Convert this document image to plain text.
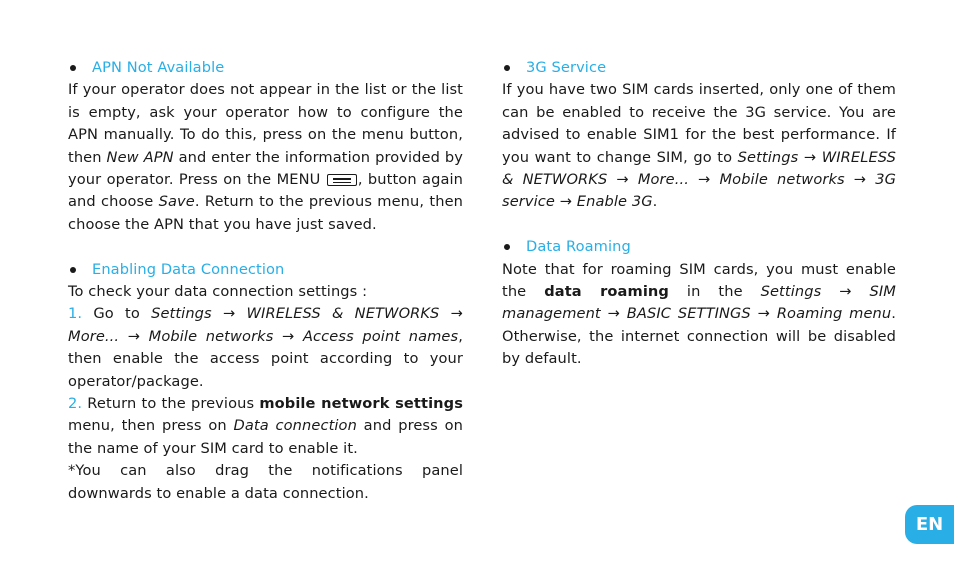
APN Not Available
If your operator does not appear in the list or the list is empty, ask your operator how to configure the APN manually. To do this, press on the menu button, then New APN and enter the information provided by your operator. Press on the MENU , button again and choose Save. Return to the previous menu, then choose the APN that you have just saved.
Enabling Data Connection

To check your data connection settings :

1. Go to Settings → WIRELESS & NETWORKS → More... → Mobile networks → Access point names, then enable the access point according to your operator/package.

2. Return to the previous mobile network settings menu, then press on Data connection and press on the name of your SIM card to enable it.

*You can also drag the notifications panel downwards to enable a data connection.

3G Service
If you have two SIM cards inserted, only one of them can be enabled to receive the 3G service. You are advised to enable SIM1 for the best performance. If you want to change SIM, go to Settings → WIRELESS & NETWORKS → More... → Mobile networks → 3G service → Enable 3G.
Data Roaming
Note that for roaming SIM cards, you must enable the data roaming in the Settings → SIM management → BASIC SETTINGS → Roaming menu. Otherwise, the internet connection will be disabled by default.
EN
